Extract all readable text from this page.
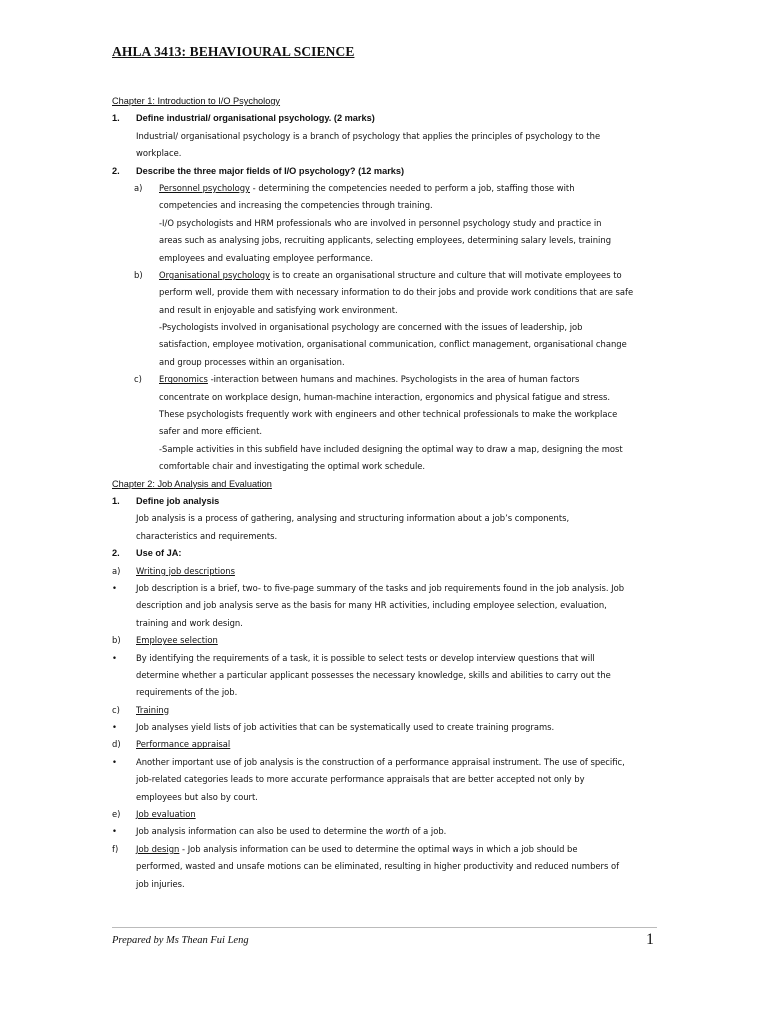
AHLA 3413: BEHAVIOURAL SCIENCE
Chapter 1: Introduction to I/O Psychology
1. Define industrial/ organisational psychology. (2 marks)
Industrial/ organisational psychology is a branch of psychology that applies the principles of psychology to the
workplace.
2. Describe the three major fields of I/O psychology? (12 marks)
a) Personnel psychology - determining the competencies needed to perform a job, staffing those with
competencies and increasing the competencies through training.
-I/O psychologists and HRM professionals who are involved in personnel psychology study and practice in
areas such as analysing jobs, recruiting applicants, selecting employees, determining salary levels, training
employees and evaluating employee performance.
b) Organisational psychology is to create an organisational structure and culture that will motivate employees to
perform well, provide them with necessary information to do their jobs and provide work conditions that are safe
and result in enjoyable and satisfying work environment.
-Psychologists involved in organisational psychology are concerned with the issues of leadership, job
satisfaction, employee motivation, organisational communication, conflict management, organisational change
and group processes within an organisation.
c) Ergonomics -interaction between humans and machines. Psychologists in the area of human factors
concentrate on workplace design, human-machine interaction, ergonomics and physical fatigue and stress.
These psychologists frequently work with engineers and other technical professionals to make the workplace
safer and more efficient.
-Sample activities in this subfield have included designing the optimal way to draw a map, designing the most
comfortable chair and investigating the optimal work schedule.
Chapter 2: Job Analysis and Evaluation
1. Define job analysis
Job analysis is a process of gathering, analysing and structuring information about a job’s components,
characteristics and requirements.
2. Use of JA:
a) Writing job descriptions
• Job description is a brief, two- to five-page summary of the tasks and job requirements found in the job analysis. Job
description and job analysis serve as the basis for many HR activities, including employee selection, evaluation,
training and work design.
b) Employee selection
• By identifying the requirements of a task, it is possible to select tests or develop interview questions that will
determine whether a particular applicant possesses the necessary knowledge, skills and abilities to carry out the
requirements of the job.
c) Training
• Job analyses yield lists of job activities that can be systematically used to create training programs.
d) Performance appraisal
• Another important use of job analysis is the construction of a performance appraisal instrument. The use of specific,
job-related categories leads to more accurate performance appraisals that are better accepted not only by
employees but also by court.
e) Job evaluation
• Job analysis information can also be used to determine the worth of a job.
f) Job design - Job analysis information can be used to determine the optimal ways in which a job should be
performed, wasted and unsafe motions can be eliminated, resulting in higher productivity and reduced numbers of
job injuries.
Prepared by Ms Thean Fui Leng	1
